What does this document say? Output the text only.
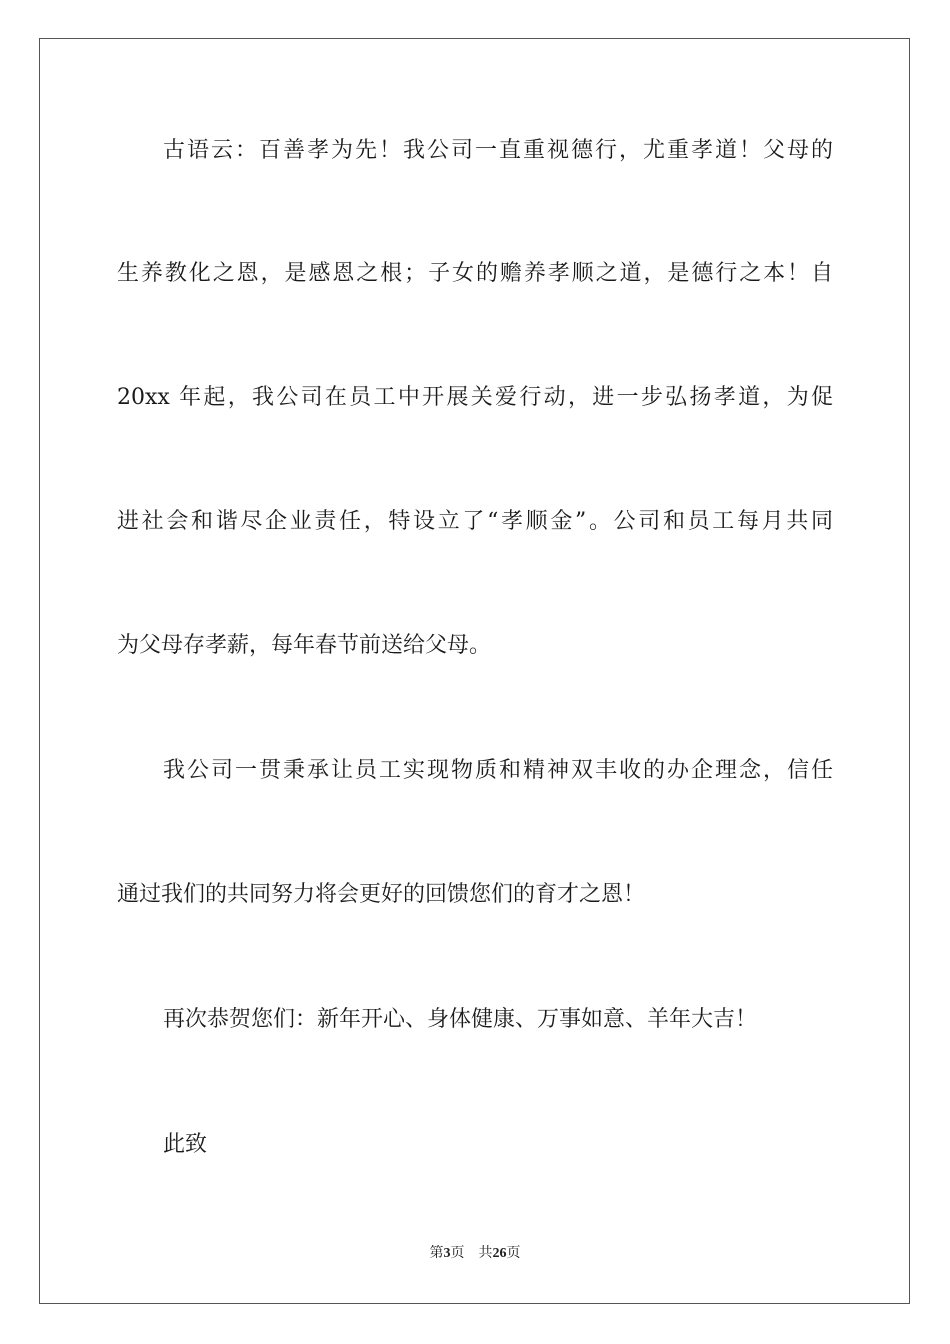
古语云：百善孝为先！我公司一直重视德行，尤重孝道！父母的
生养教化之恩，是感恩之根；子女的赡养孝顺之道，是德行之本！自
20xx 年起，我公司在员工中开展关爱行动，进一步弘扬孝道，为促
进社会和谐尽企业责任，特设立了“孝顺金”。公司和员工每月共同
为父母存孝薪，每年春节前送给父母。
我公司一贯秉承让员工实现物质和精神双丰收的办企理念，信任
通过我们的共同努力将会更好的回馈您们的育才之恩！
再次恭贺您们：新年开心、身体健康、万事如意、羊年大吉！
此致
第3页 共26页
